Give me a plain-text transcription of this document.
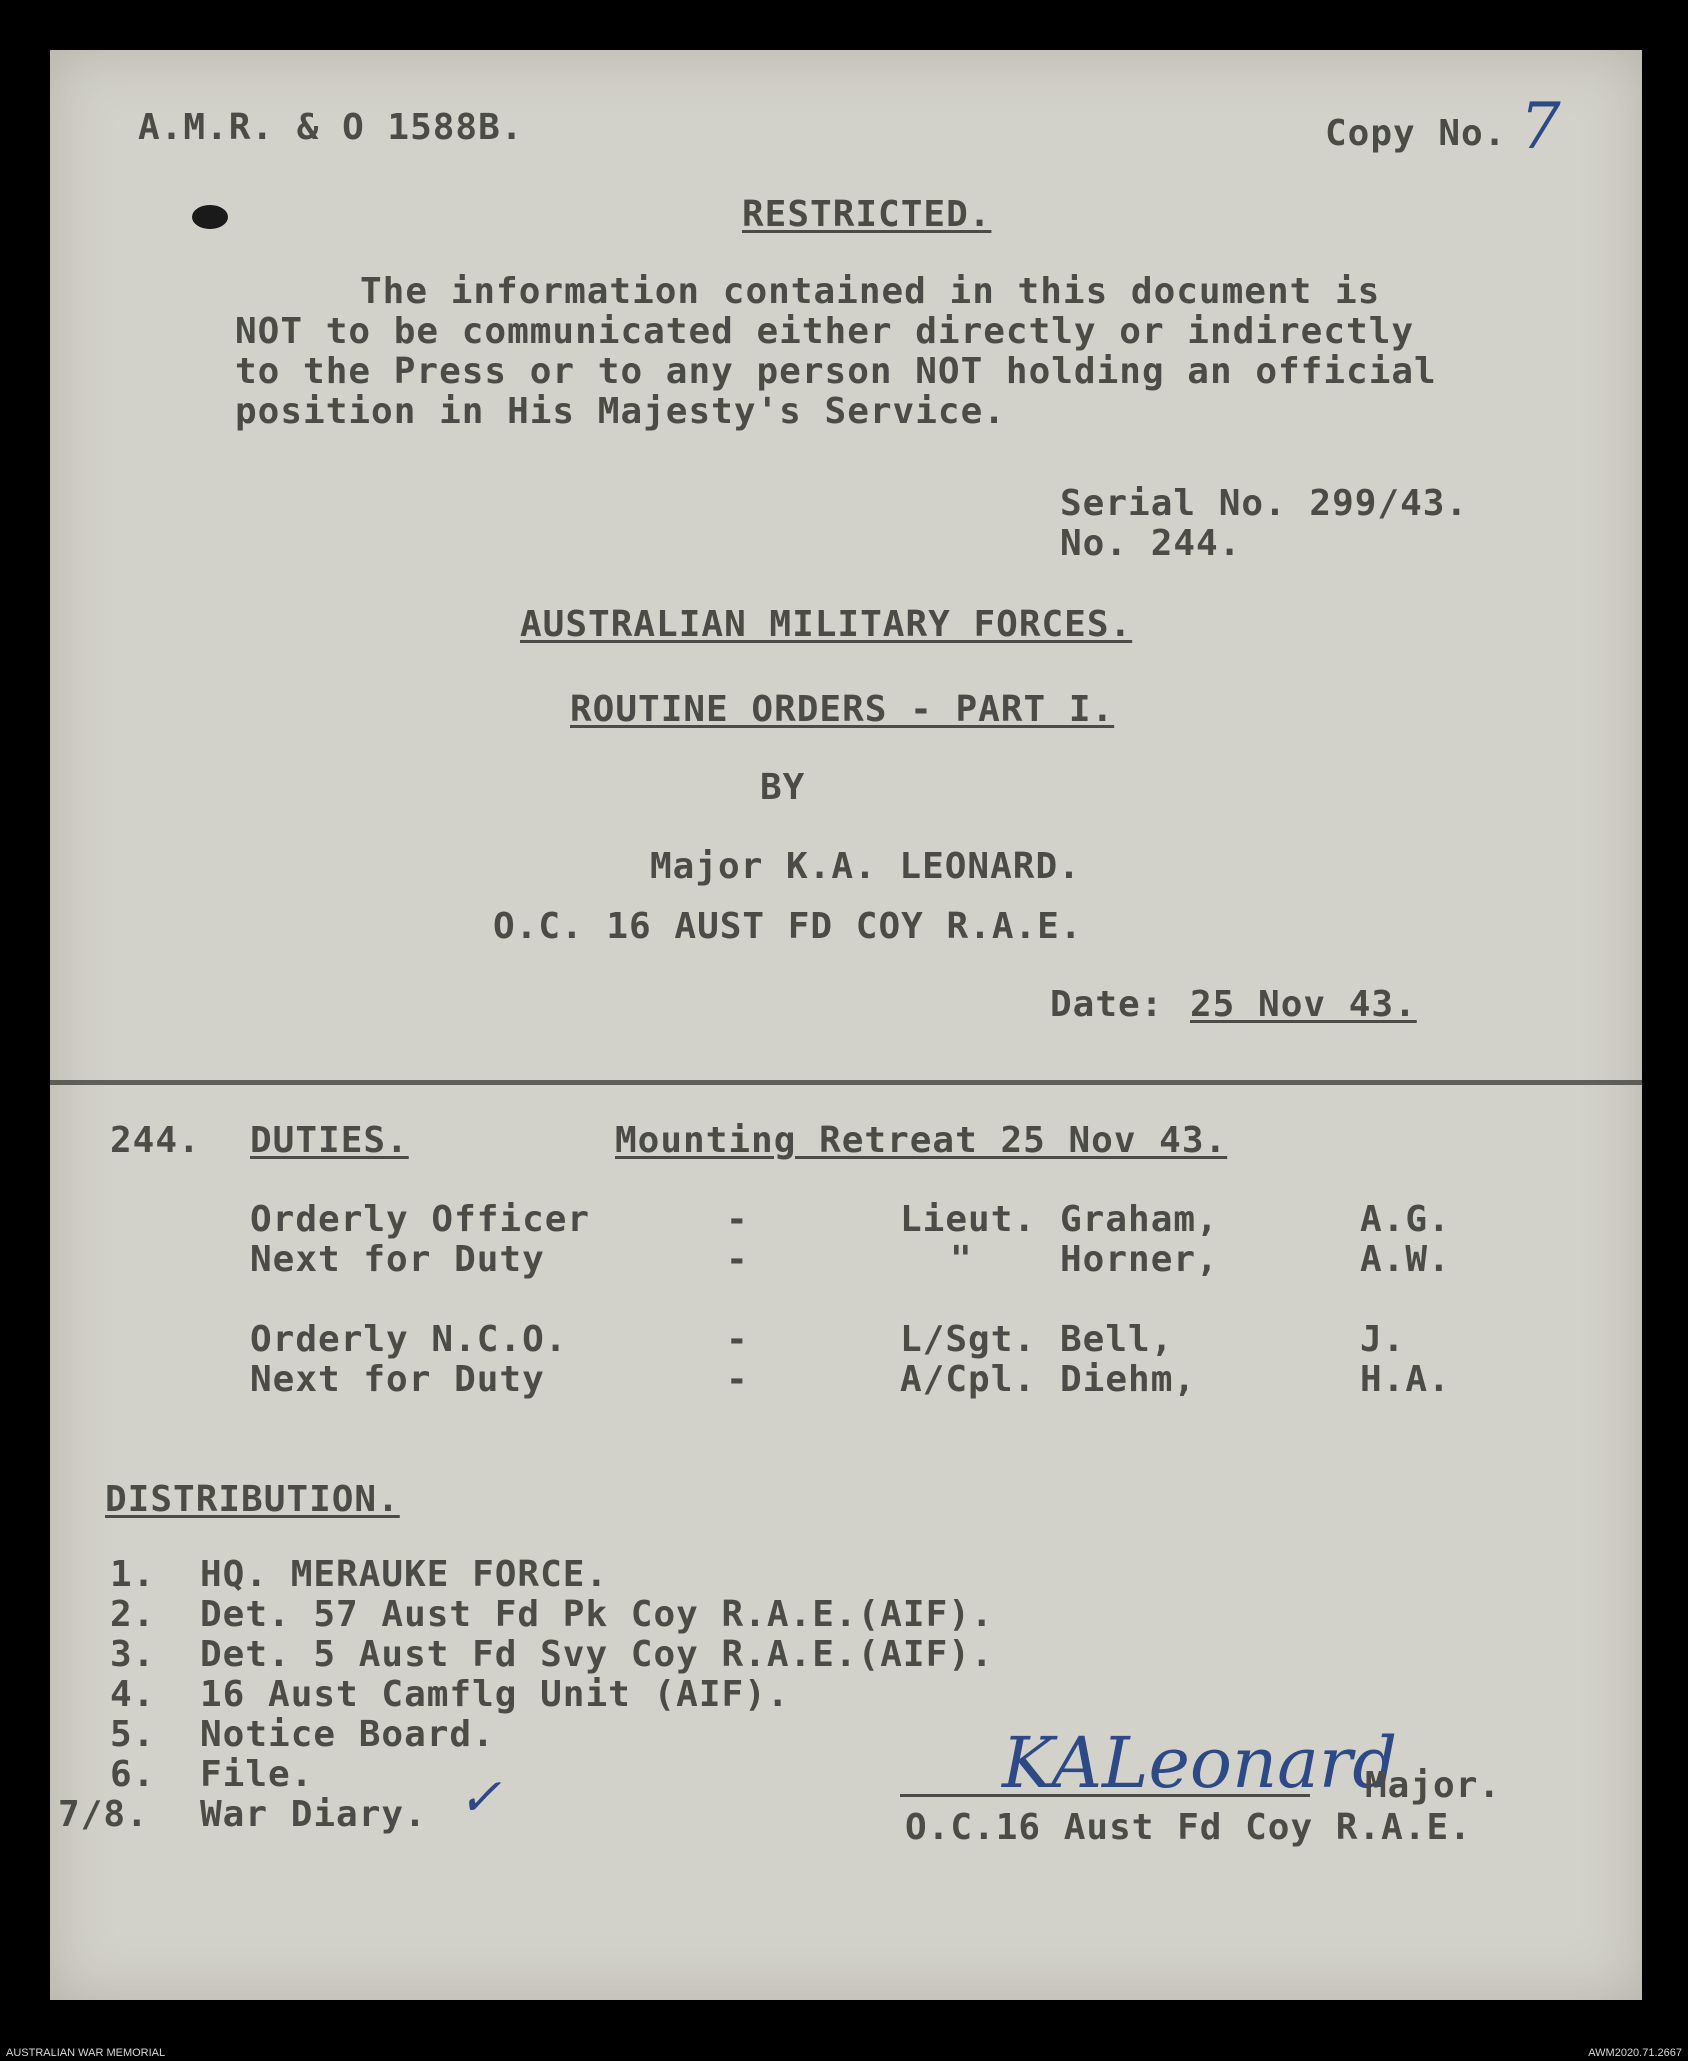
A.M.R. & O 1588B.	Copy No. 7
RESTRICTED.
The information contained in this document is
NOT to be communicated either directly or indirectly
to the Press or to any person NOT holding an official
position in His Majesty's Service.
Serial No. 299/43.
No. 244.
AUSTRALIAN MILITARY FORCES.
ROUTINE ORDERS - PART I.
BY
Major K.A. LEONARD.
O.C. 16 AUST FD COY R.A.E.
Date: 25 Nov 43.
244. DUTIES.	Mounting Retreat 25 Nov 43.
Orderly Officer	-	Lieut. Graham,	A.G.
Next for Duty	-	" Horner,	A.W.
Orderly N.C.O.	-	L/Sgt. Bell,	J.
Next for Duty	-	A/Cpl. Diehm,	H.A.
DISTRIBUTION.
1. HQ. MERAUKE FORCE.
2. Det. 57 Aust Fd Pk Coy R.A.E.(AIF).
3. Det. 5 Aust Fd Svy Coy R.A.E.(AIF).
4. 16 Aust Camflg Unit (AIF).
5. Notice Board.
6. File.
7/8. War Diary. ✓	KALeonard
Major.
O.C.16 Aust Fd Coy R.A.E.
AUSTRALIAN WAR MEMORIAL	AWM2020.71.2667
